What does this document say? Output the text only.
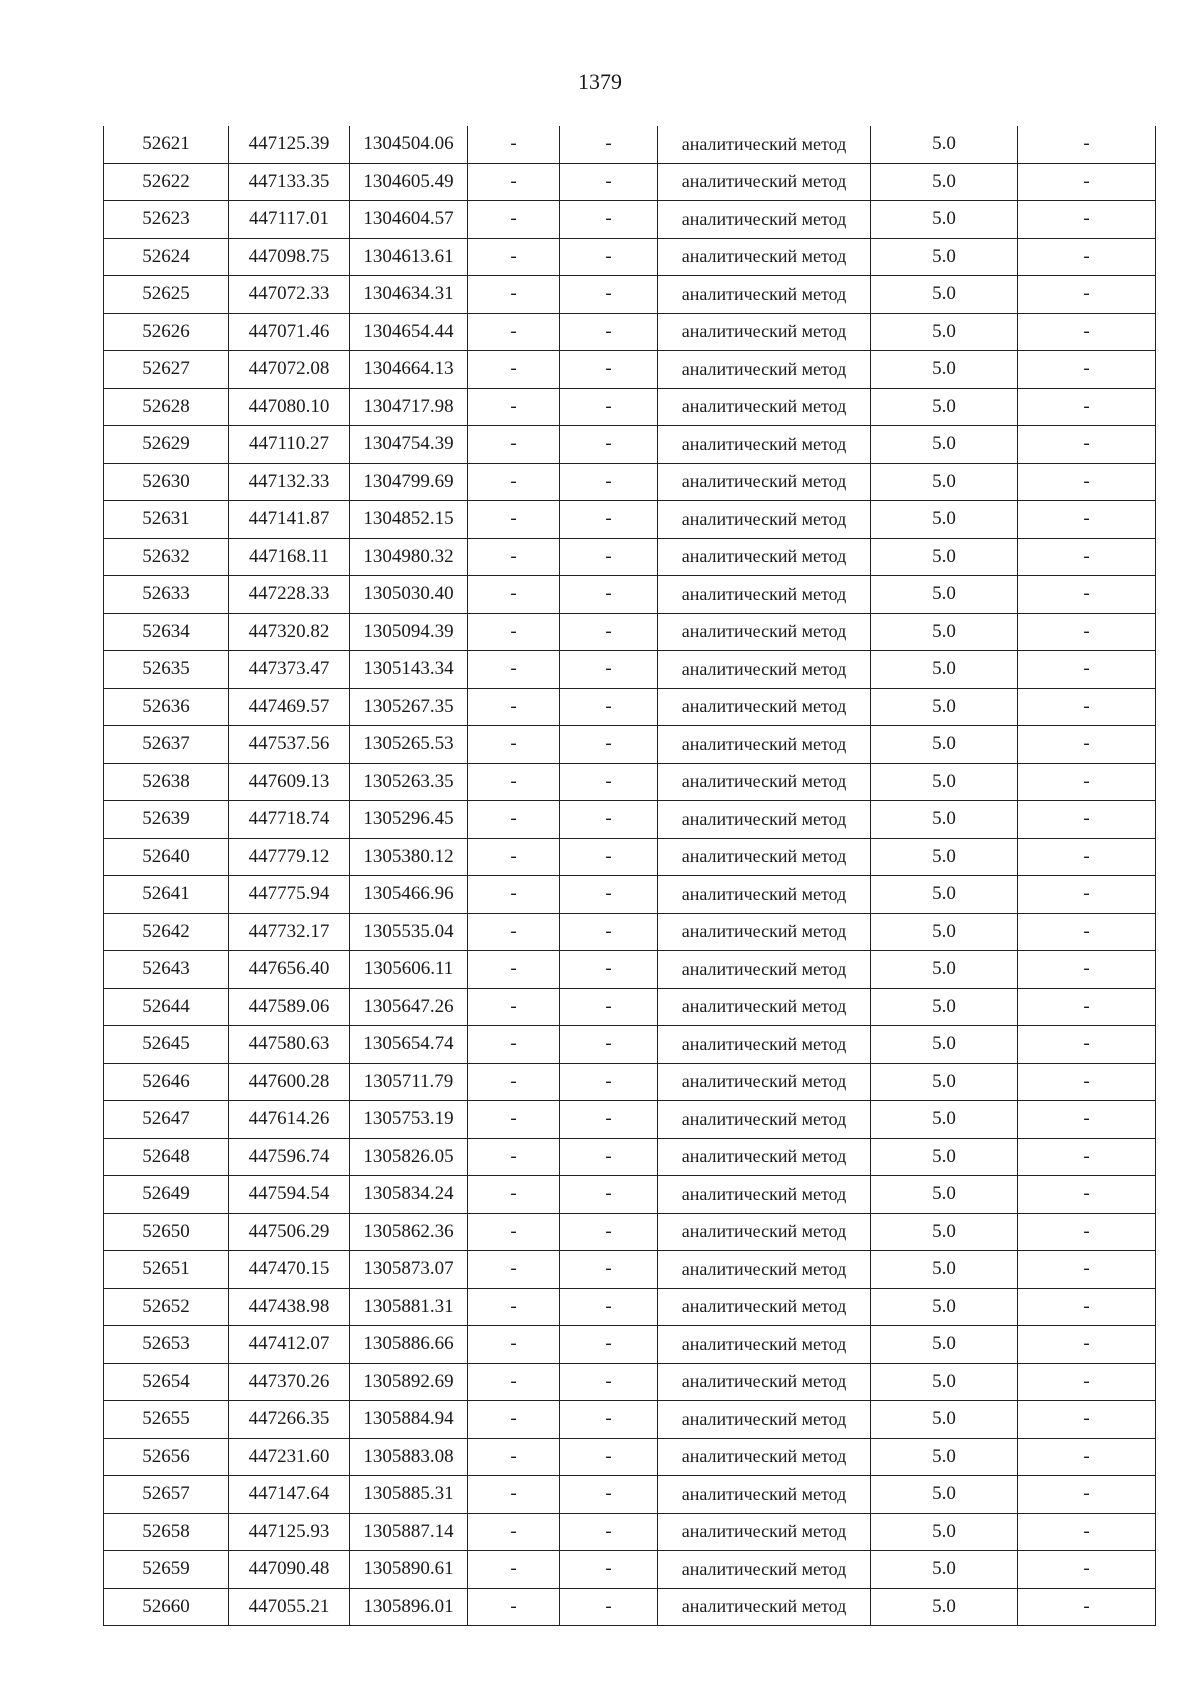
1379
52621	447125.39	1304504.06	-	-	аналитический метод	5.0	-
52622	447133.35	1304605.49	-	-	аналитический метод	5.0	-
52623	447117.01	1304604.57	-	-	аналитический метод	5.0	-
52624	447098.75	1304613.61	-	-	аналитический метод	5.0	-
52625	447072.33	1304634.31	-	-	аналитический метод	5.0	-
52626	447071.46	1304654.44	-	-	аналитический метод	5.0	-
52627	447072.08	1304664.13	-	-	аналитический метод	5.0	-
52628	447080.10	1304717.98	-	-	аналитический метод	5.0	-
52629	447110.27	1304754.39	-	-	аналитический метод	5.0	-
52630	447132.33	1304799.69	-	-	аналитический метод	5.0	-
52631	447141.87	1304852.15	-	-	аналитический метод	5.0	-
52632	447168.11	1304980.32	-	-	аналитический метод	5.0	-
52633	447228.33	1305030.40	-	-	аналитический метод	5.0	-
52634	447320.82	1305094.39	-	-	аналитический метод	5.0	-
52635	447373.47	1305143.34	-	-	аналитический метод	5.0	-
52636	447469.57	1305267.35	-	-	аналитический метод	5.0	-
52637	447537.56	1305265.53	-	-	аналитический метод	5.0	-
52638	447609.13	1305263.35	-	-	аналитический метод	5.0	-
52639	447718.74	1305296.45	-	-	аналитический метод	5.0	-
52640	447779.12	1305380.12	-	-	аналитический метод	5.0	-
52641	447775.94	1305466.96	-	-	аналитический метод	5.0	-
52642	447732.17	1305535.04	-	-	аналитический метод	5.0	-
52643	447656.40	1305606.11	-	-	аналитический метод	5.0	-
52644	447589.06	1305647.26	-	-	аналитический метод	5.0	-
52645	447580.63	1305654.74	-	-	аналитический метод	5.0	-
52646	447600.28	1305711.79	-	-	аналитический метод	5.0	-
52647	447614.26	1305753.19	-	-	аналитический метод	5.0	-
52648	447596.74	1305826.05	-	-	аналитический метод	5.0	-
52649	447594.54	1305834.24	-	-	аналитический метод	5.0	-
52650	447506.29	1305862.36	-	-	аналитический метод	5.0	-
52651	447470.15	1305873.07	-	-	аналитический метод	5.0	-
52652	447438.98	1305881.31	-	-	аналитический метод	5.0	-
52653	447412.07	1305886.66	-	-	аналитический метод	5.0	-
52654	447370.26	1305892.69	-	-	аналитический метод	5.0	-
52655	447266.35	1305884.94	-	-	аналитический метод	5.0	-
52656	447231.60	1305883.08	-	-	аналитический метод	5.0	-
52657	447147.64	1305885.31	-	-	аналитический метод	5.0	-
52658	447125.93	1305887.14	-	-	аналитический метод	5.0	-
52659	447090.48	1305890.61	-	-	аналитический метод	5.0	-
52660	447055.21	1305896.01	-	-	аналитический метод	5.0	-
